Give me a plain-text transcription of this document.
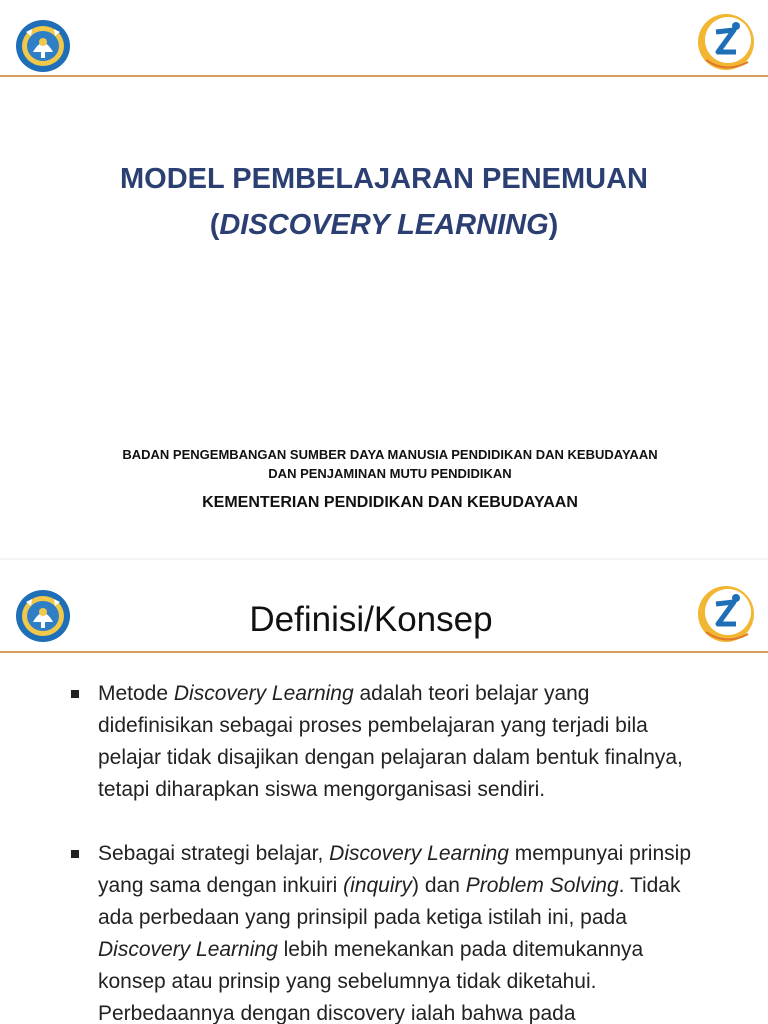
MODEL PEMBELAJARAN PENEMUAN
(DISCOVERY LEARNING)
BADAN PENGEMBANGAN SUMBER DAYA MANUSIA PENDIDIKAN DAN KEBUDAYAAN
DAN PENJAMINAN MUTU PENDIDIKAN
KEMENTERIAN PENDIDIKAN DAN KEBUDAYAAN
Definisi/Konsep
Metode Discovery Learning adalah teori belajar yang didefinisikan sebagai proses pembelajaran yang terjadi bila pelajar tidak disajikan dengan pelajaran dalam bentuk finalnya, tetapi diharapkan siswa mengorganisasi sendiri.
Sebagai strategi belajar, Discovery Learning mempunyai prinsip yang sama dengan inkuiri (inquiry) dan Problem Solving. Tidak ada perbedaan yang prinsipil pada ketiga istilah ini, pada Discovery Learning lebih menekankan pada ditemukannya konsep atau prinsip yang sebelumnya tidak diketahui. Perbedaannya dengan discovery ialah bahwa pada
